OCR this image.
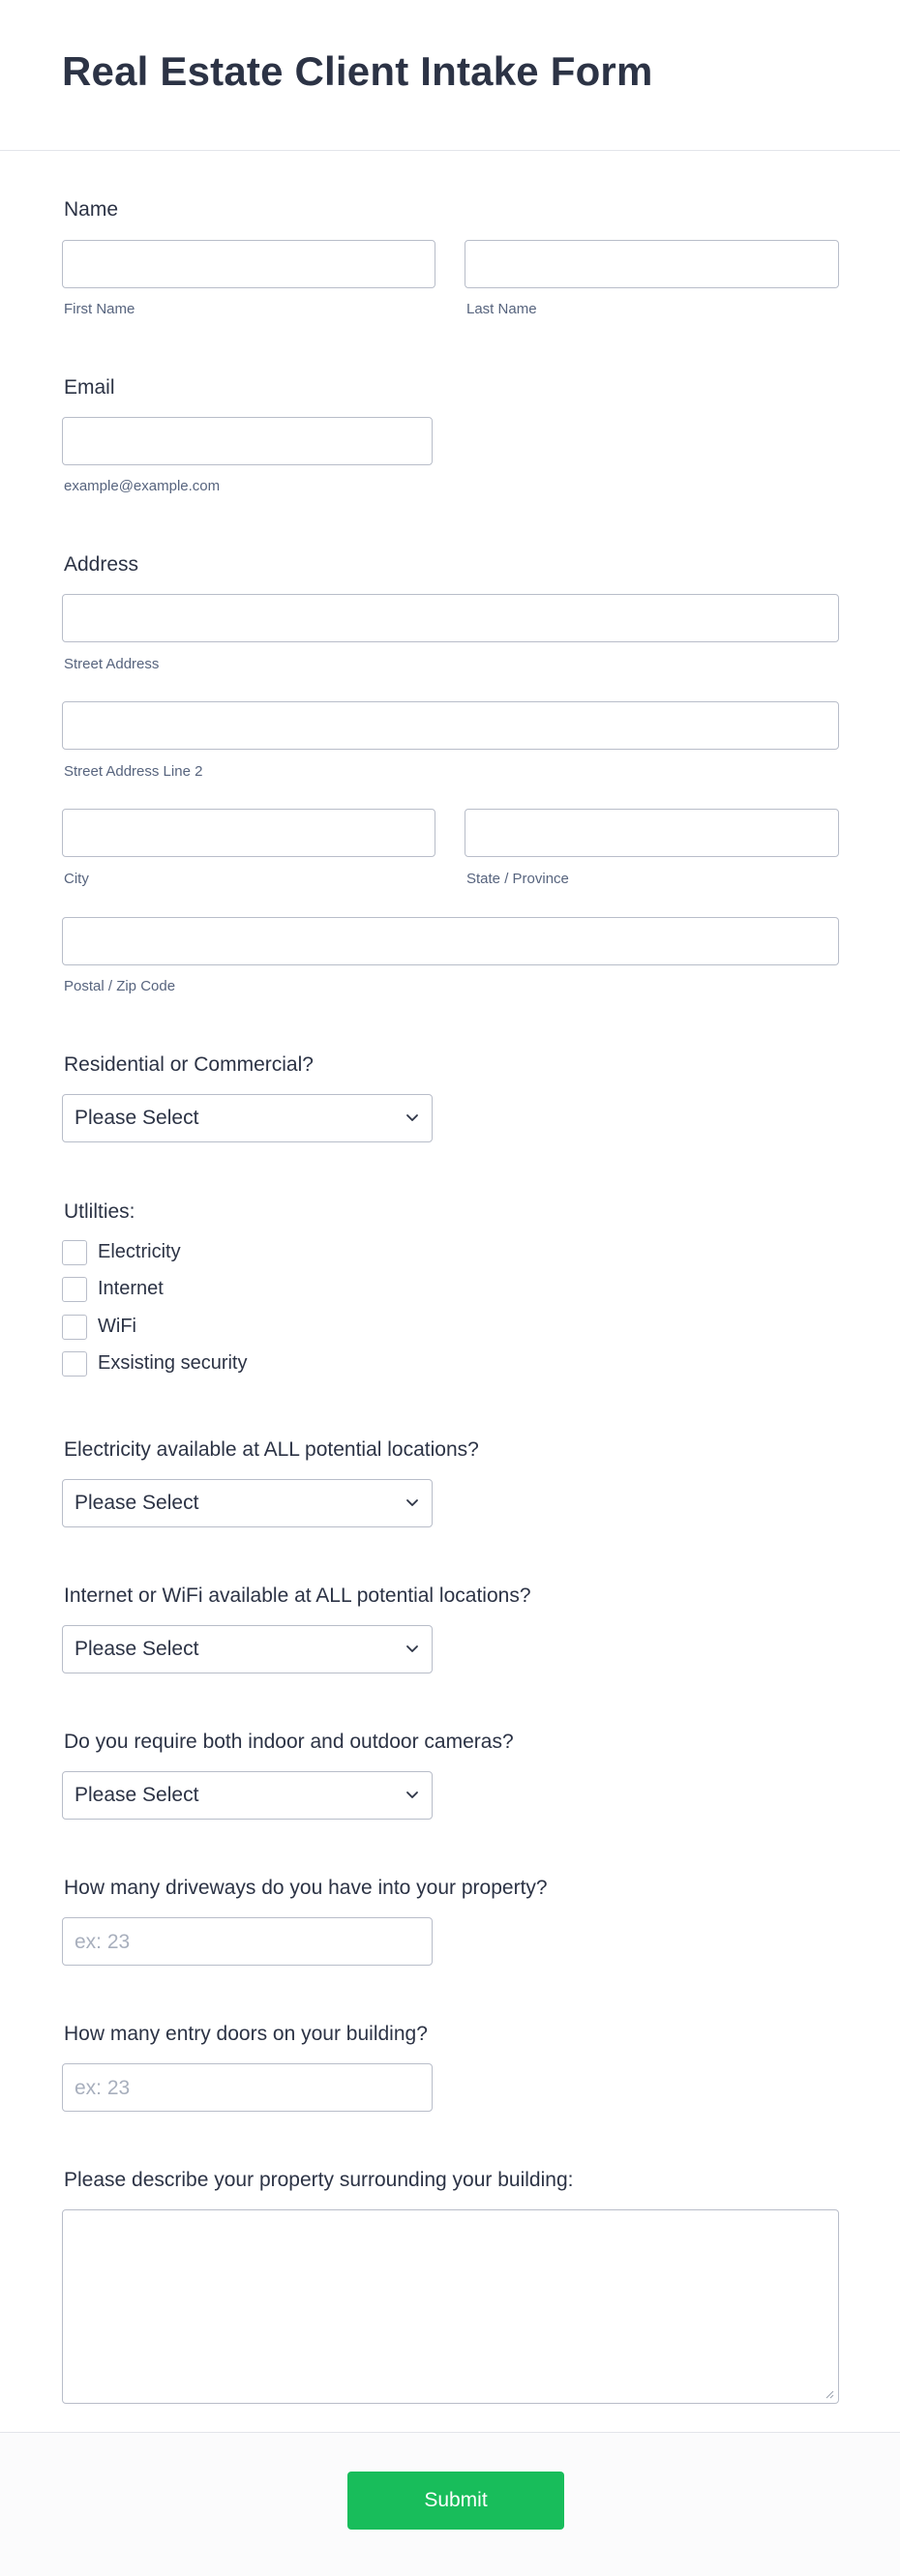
Real Estate Client Intake Form
Name
First Name	Last Name
Email
example@example.com
Address
Street Address
Street Address Line 2
City	State / Province
Postal / Zip Code
Residential or Commercial?
Please Select
Utlilties:
Electricity
Internet
WiFi
Exsisting security
Electricity available at ALL potential locations?
Please Select
Internet or WiFi available at ALL potential locations?
Please Select
Do you require both indoor and outdoor cameras?
Please Select
How many driveways do you have into your property?
ex: 23
How many entry doors on your building?
ex: 23
Please describe your property surrounding your building:
Submit
